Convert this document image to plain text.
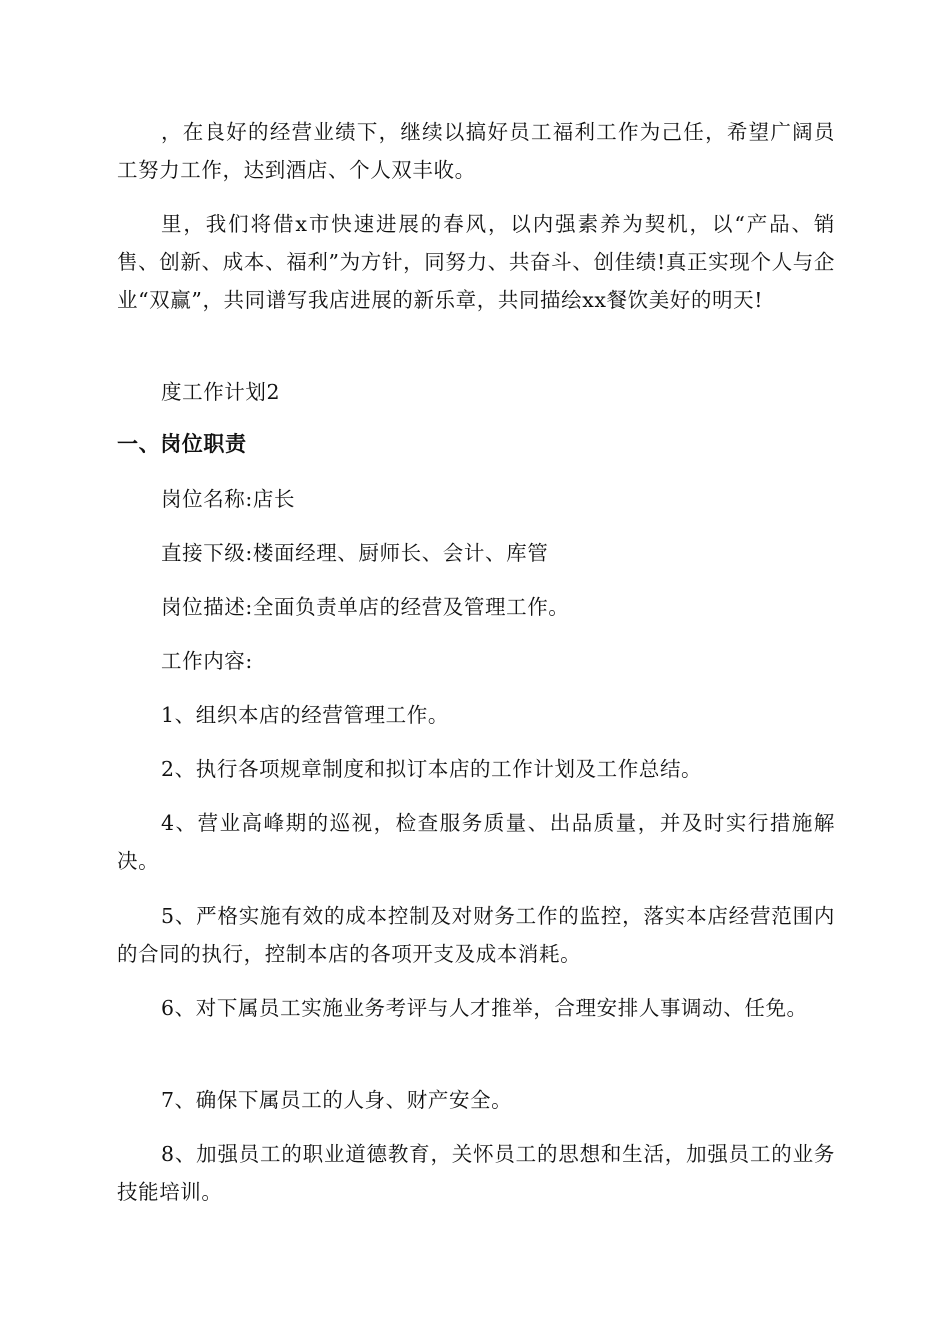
，在良好的经营业绩下，继续以搞好员工福利工作为己任，希望广阔员工努力工作，达到酒店、个人双丰收。

里，我们将借x市快速进展的春风，以内强素养为契机，以“产品、销售、创新、成本、福利”为方针，同努力、共奋斗、创佳绩!真正实现个人与企业“双赢”，共同谱写我店进展的新乐章，共同描绘xx餐饮美好的明天!

度工作计划2

一、岗位职责

岗位名称:店长

直接下级:楼面经理、厨师长、会计、库管

岗位描述:全面负责单店的经营及管理工作。

工作内容:

1、组织本店的经营管理工作。

2、执行各项规章制度和拟订本店的工作计划及工作总结。

4、营业高峰期的巡视，检查服务质量、出品质量，并及时实行措施解决。

5、严格实施有效的成本控制及对财务工作的监控，落实本店经营范围内的合同的执行，控制本店的各项开支及成本消耗。

6、对下属员工实施业务考评与人才推举，合理安排人事调动、任免。

7、确保下属员工的人身、财产安全。

8、加强员工的职业道德教育，关怀员工的思想和生活，加强员工的业务技能培训。
